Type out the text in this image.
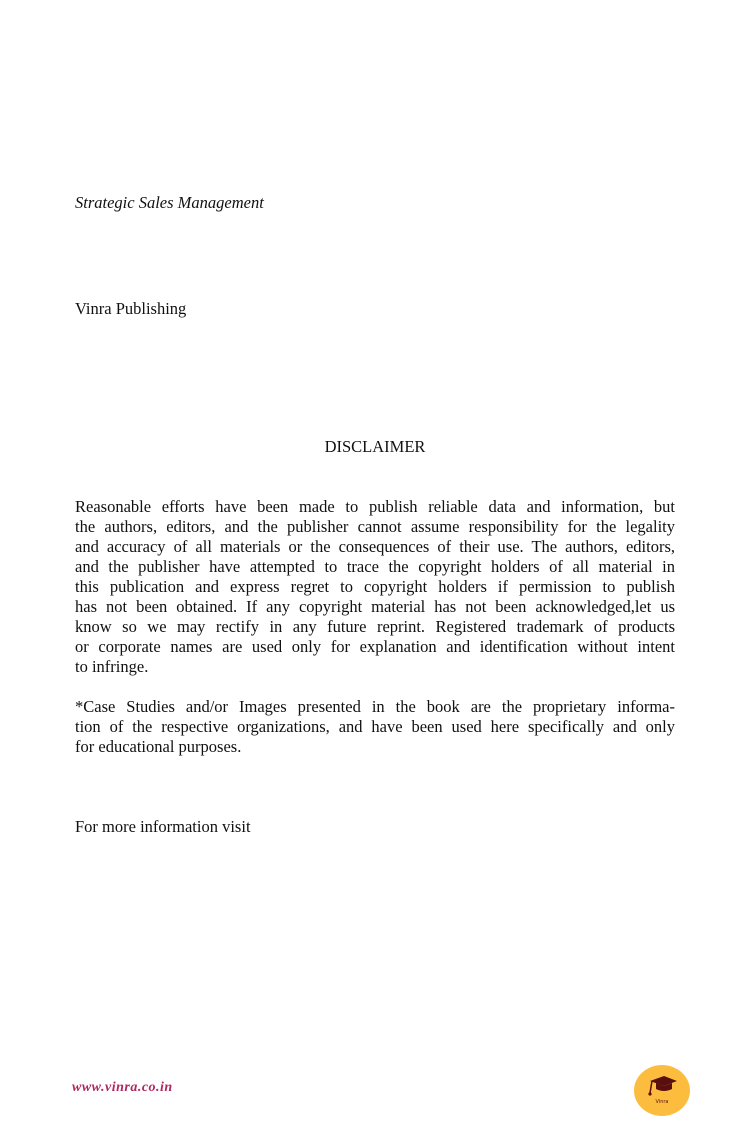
Strategic Sales Management
Vinra Publishing
DISCLAIMER
Reasonable efforts have been made to publish reliable data and information, but
the authors, editors, and the publisher cannot assume responsibility for the legality
and accuracy of all materials or the consequences of their use. The authors, editors,
and the publisher have attempted to trace the copyright holders of all material in
this publication and express regret to copyright holders if permission to publish
has not been obtained. If any copyright material has not been acknowledged,let us
know so we may rectify in any future reprint. Registered trademark of products
or corporate names are used only for explanation and identification without intent
to infringe.
*Case Studies and/or Images presented in the book are the proprietary informa-
tion of the respective organizations, and have been used here specifically and only
for educational purposes.
For more information visit
www.vinra.co.in
Vinra
